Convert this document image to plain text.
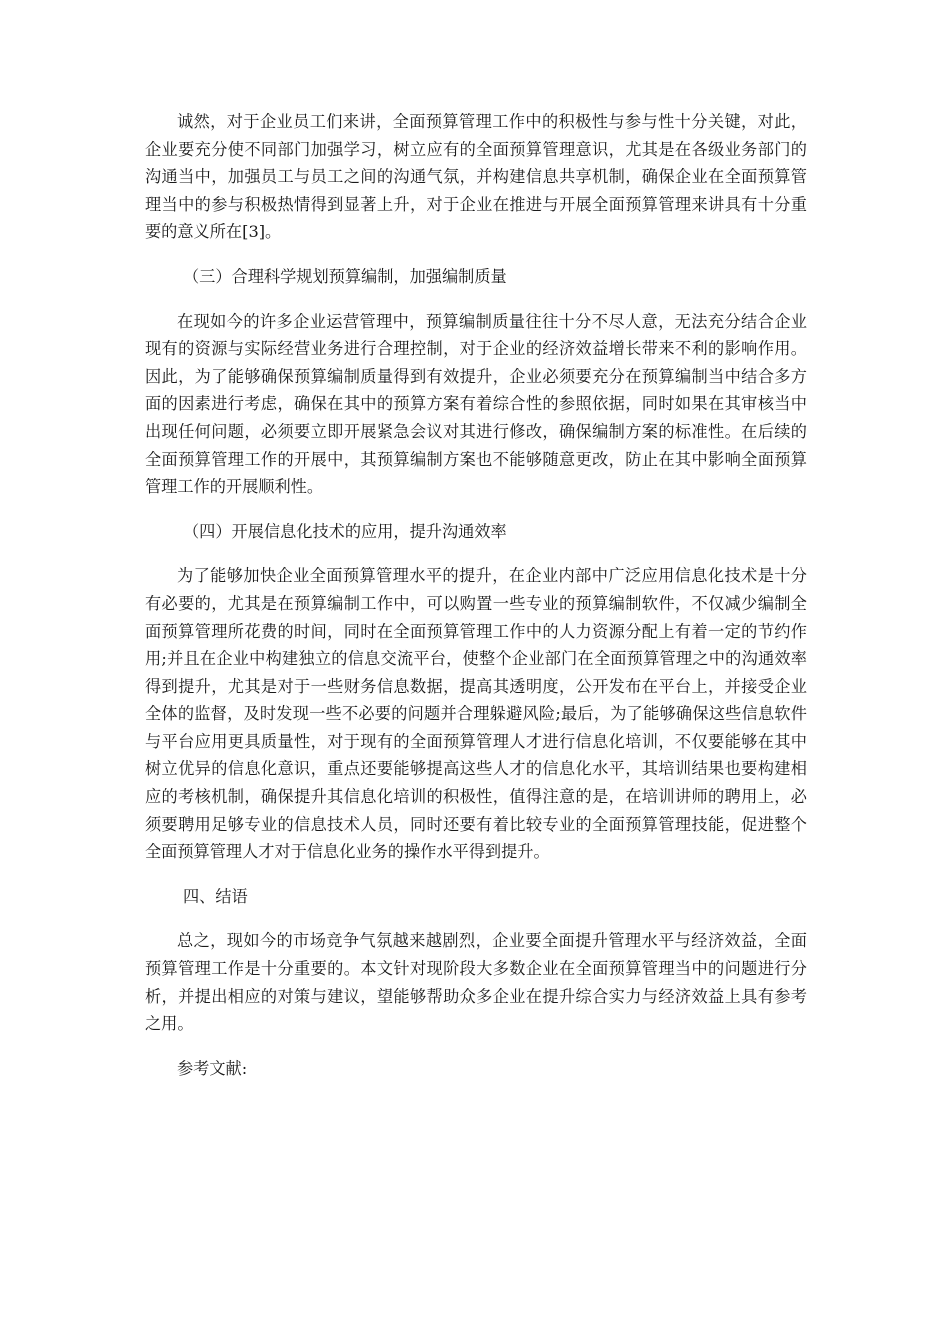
诚然，对于企业员工们来讲，全面预算管理工作中的积极性与参与性十分关键，对此，企业要充分使不同部门加强学习，树立应有的全面预算管理意识，尤其是在各级业务部门的沟通当中，加强员工与员工之间的沟通气氛，并构建信息共享机制，确保企业在全面预算管理当中的参与积极热情得到显著上升，对于企业在推进与开展全面预算管理来讲具有十分重要的意义所在[3]。

（三）合理科学规划预算编制，加强编制质量

在现如今的许多企业运营管理中，预算编制质量往往十分不尽人意，无法充分结合企业现有的资源与实际经营业务进行合理控制，对于企业的经济效益增长带来不利的影响作用。因此，为了能够确保预算编制质量得到有效提升，企业必须要充分在预算编制当中结合多方面的因素进行考虑，确保在其中的预算方案有着综合性的参照依据，同时如果在其审核当中出现任何问题，必须要立即开展紧急会议对其进行修改，确保编制方案的标准性。在后续的全面预算管理工作的开展中，其预算编制方案也不能够随意更改，防止在其中影响全面预算管理工作的开展顺利性。

（四）开展信息化技术的应用，提升沟通效率

为了能够加快企业全面预算管理水平的提升，在企业内部中广泛应用信息化技术是十分有必要的，尤其是在预算编制工作中，可以购置一些专业的预算编制软件，不仅减少编制全面预算管理所花费的时间，同时在全面预算管理工作中的人力资源分配上有着一定的节约作用;并且在企业中构建独立的信息交流平台，使整个企业部门在全面预算管理之中的沟通效率得到提升，尤其是对于一些财务信息数据，提高其透明度，公开发布在平台上，并接受企业全体的监督，及时发现一些不必要的问题并合理躲避风险;最后，为了能够确保这些信息软件与平台应用更具质量性，对于现有的全面预算管理人才进行信息化培训，不仅要能够在其中树立优异的信息化意识，重点还要能够提高这些人才的信息化水平，其培训结果也要构建相应的考核机制，确保提升其信息化培训的积极性，值得注意的是，在培训讲师的聘用上，必须要聘用足够专业的信息技术人员，同时还要有着比较专业的全面预算管理技能，促进整个全面预算管理人才对于信息化业务的操作水平得到提升。

四、结语

总之，现如今的市场竞争气氛越来越剧烈，企业要全面提升管理水平与经济效益，全面预算管理工作是十分重要的。本文针对现阶段大多数企业在全面预算管理当中的问题进行分析，并提出相应的对策与建议，望能够帮助众多企业在提升综合实力与经济效益上具有参考之用。

参考文献:
